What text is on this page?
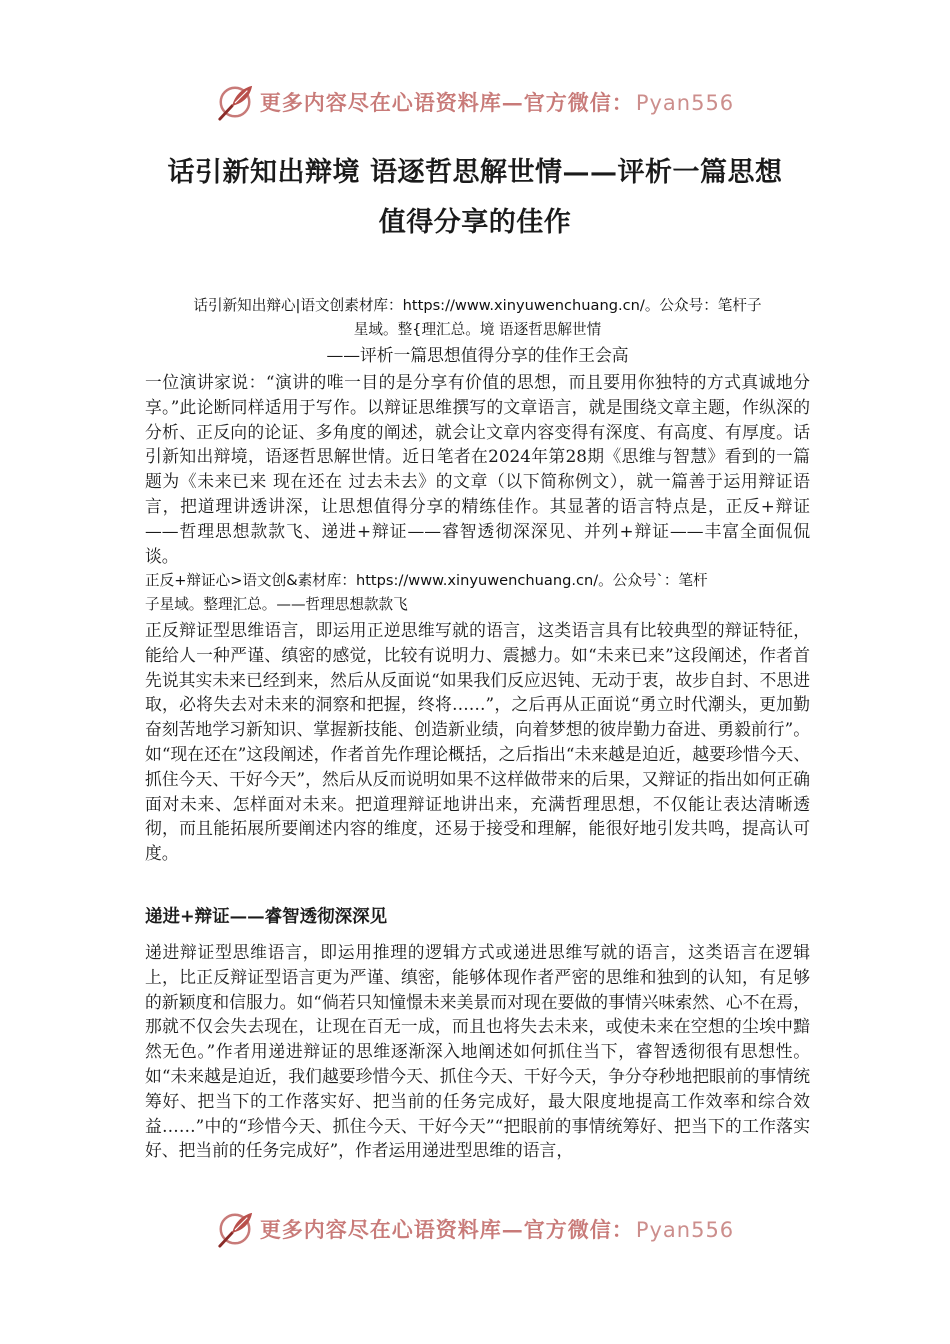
更多内容尽在心语资料库—官方微信：Pyan556
话引新知出辩境 语逐哲思解世情——评析一篇思想
值得分享的佳作

话引新知出辩心|语文创素材库：https://www.xinyuwenchuang.cn/。公众号：笔杆子

星域。整{理汇总。境 语逐哲思解世情

——评析一篇思想值得分享的佳作王会高

一位演讲家说：“演讲的唯一目的是分享有价值的思想，而且要用你独特的方式真诚地分享。”此论断同样适用于写作。以辩证思维撰写的文章语言，就是围绕文章主题，作纵深的分析、正反向的论证、多角度的阐述，就会让文章内容变得有深度、有高度、有厚度。话引新知出辩境，语逐哲思解世情。近日笔者在2024年第28期《思维与智慧》看到的一篇题为《未来已来 现在还在 过去未去》的文章（以下简称例文），就一篇善于运用辩证语言，把道理讲透讲深，让思想值得分享的精练佳作。其显著的语言特点是，正反+辩证——哲理思想款款飞、递进+辩证——睿智透彻深深见、并列+辩证——丰富全面侃侃谈。

正反+辩证心>语文创&素材库：https://www.xinyuwenchuang.cn/。公众号`：笔杆

子星域。整理汇总。——哲理思想款款飞

正反辩证型思维语言，即运用正逆思维写就的语言，这类语言具有比较典型的辩证特征，能给人一种严谨、缜密的感觉，比较有说明力、震撼力。如“未来已来”这段阐述，作者首先说其实未来已经到来，然后从反面说“如果我们反应迟钝、无动于衷，故步自封、不思进取，必将失去对未来的洞察和把握，终将……”，之后再从正面说“勇立时代潮头，更加勤奋刻苦地学习新知识、掌握新技能、创造新业绩，向着梦想的彼岸勤力奋进、勇毅前行”。如“现在还在”这段阐述，作者首先作理论概括，之后指出“未来越是迫近，越要珍惜今天、抓住今天、干好今天”，然后从反而说明如果不这样做带来的后果，又辩证的指出如何正确面对未来、怎样面对未来。把道理辩证地讲出来，充满哲理思想，不仅能让表达清晰透彻，而且能拓展所要阐述内容的维度，还易于接受和理解，能很好地引发共鸣，提高认可度。

递进+辩证——睿智透彻深深见

递进辩证型思维语言，即运用推理的逻辑方式或递进思维写就的语言，这类语言在逻辑上，比正反辩证型语言更为严谨、缜密，能够体现作者严密的思维和独到的认知，有足够的新颖度和信服力。如“倘若只知憧憬未来美景而对现在要做的事情兴味索然、心不在焉，那就不仅会失去现在，让现在百无一成，而且也将失去未来，或使未来在空想的尘埃中黯然无色。”作者用递进辩证的思维逐渐深入地阐述如何抓住当下，睿智透彻很有思想性。如“未来越是迫近，我们越要珍惜今天、抓住今天、干好今天，争分夺秒地把眼前的事情统筹好、把当下的工作落实好、把当前的任务完成好，最大限度地提高工作效率和综合效益……”中的“珍惜今天、抓住今天、干好今天”“把眼前的事情统筹好、把当下的工作落实好、把当前的任务完成好”，作者运用递进型思维的语言，

更多内容尽在心语资料库—官方微信：Pyan556
